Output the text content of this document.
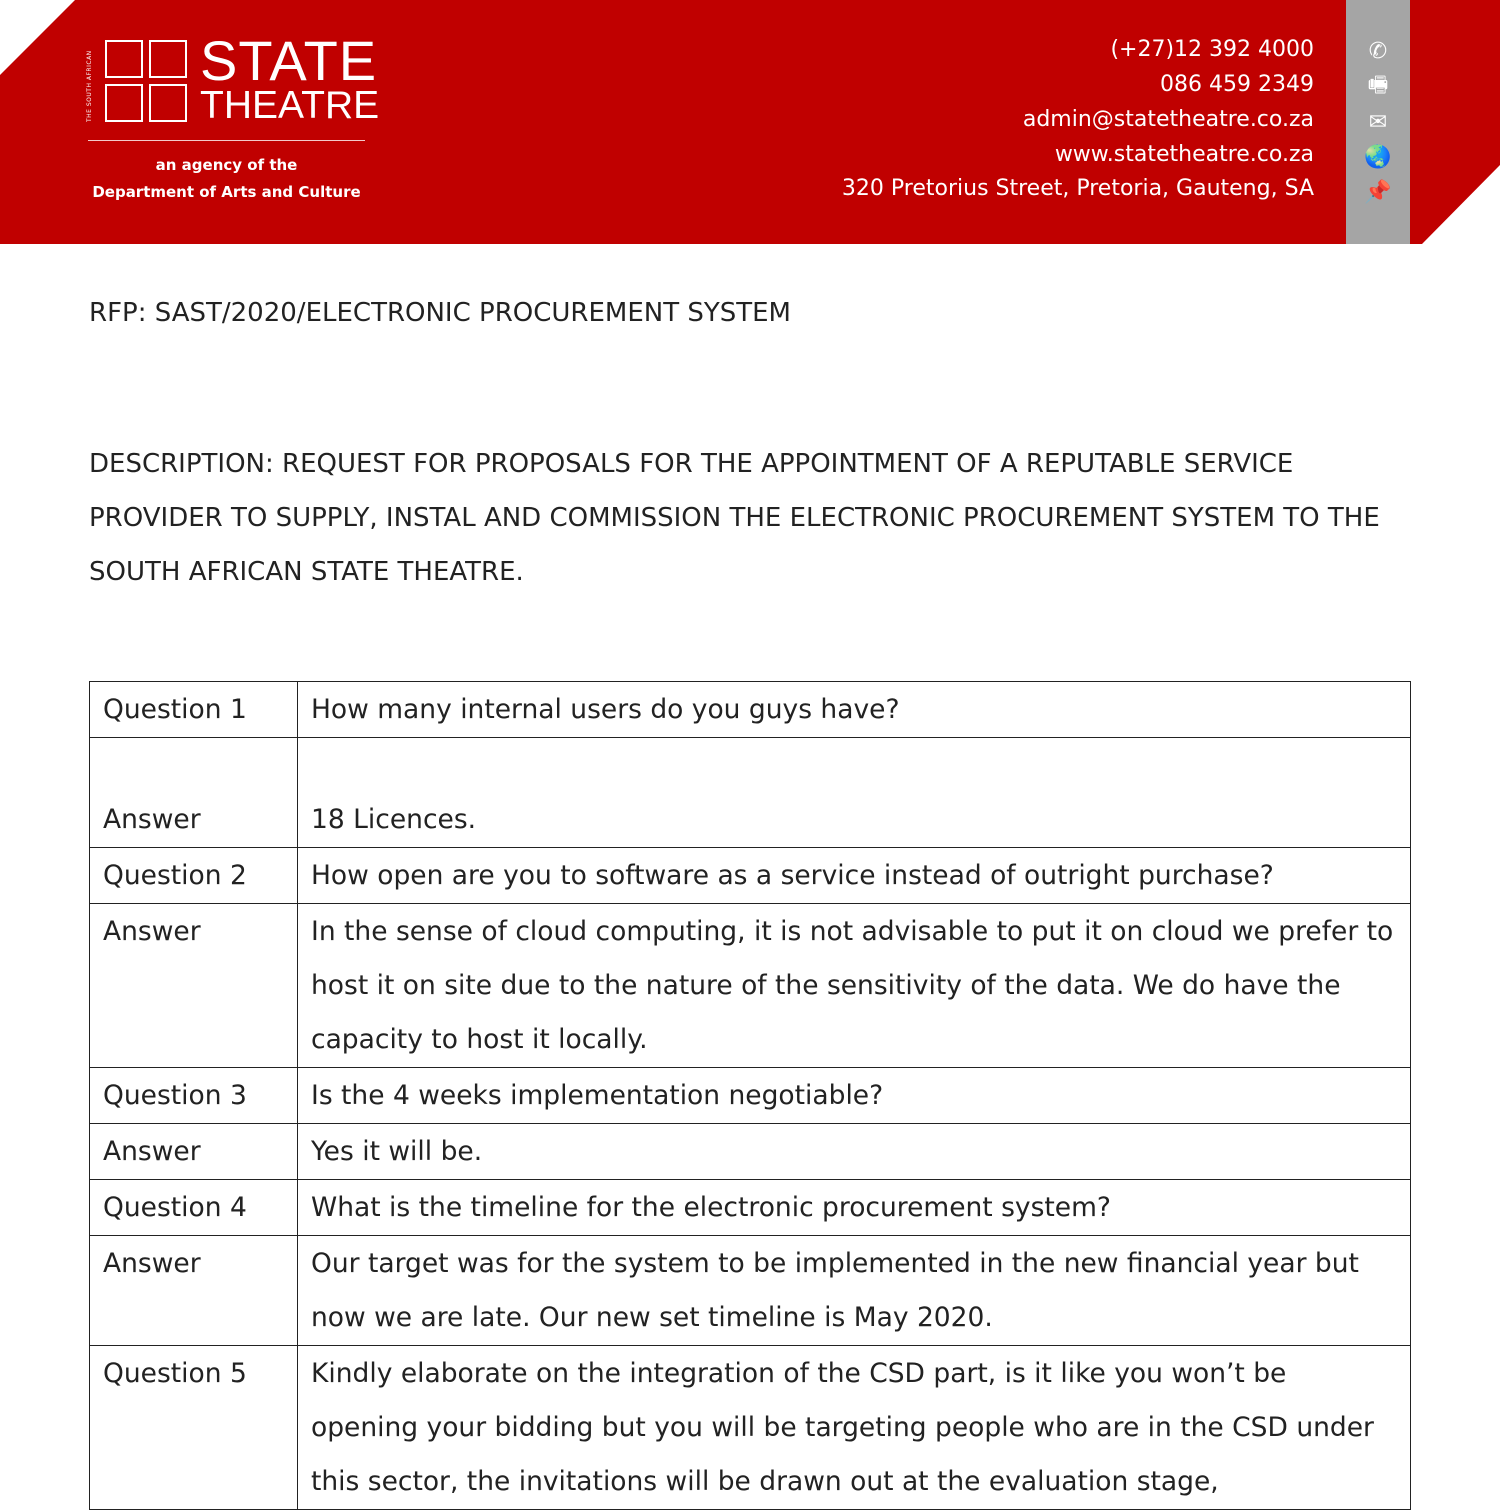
THE SOUTH AFRICAN STATE
THEATRE
an agency of the
Department of Arts and Culture
(+27)12 392 4000
086 459 2349
admin@statetheatre.co.za
www.statetheatre.co.za
320 Pretorius Street, Pretoria, Gauteng, SA
✆
🖷
✉
🌏
📌
RFP: SAST/2020/ELECTRONIC PROCUREMENT SYSTEM
DESCRIPTION: REQUEST FOR PROPOSALS FOR THE APPOINTMENT OF A REPUTABLE SERVICE PROVIDER TO SUPPLY, INSTAL AND COMMISSION THE ELECTRONIC PROCUREMENT SYSTEM TO THE SOUTH AFRICAN STATE THEATRE.
Question 1	How many internal users do you guys have?
Answer	18 Licences.
Question 2	How open are you to software as a service instead of outright purchase?
Answer	In the sense of cloud computing, it is not advisable to put it on cloud we prefer to host it on site due to the nature of the sensitivity of the data. We do have the capacity to host it locally.
Question 3	Is the 4 weeks implementation negotiable?
Answer	Yes it will be.
Question 4	What is the timeline for the electronic procurement system?
Answer	Our target was for the system to be implemented in the new financial year but now we are late. Our new set timeline is May 2020.
Question 5	Kindly elaborate on the integration of the CSD part, is it like you won’t be opening your bidding but you will be targeting people who are in the CSD under this sector, the invitations will be drawn out at the evaluation stage,
